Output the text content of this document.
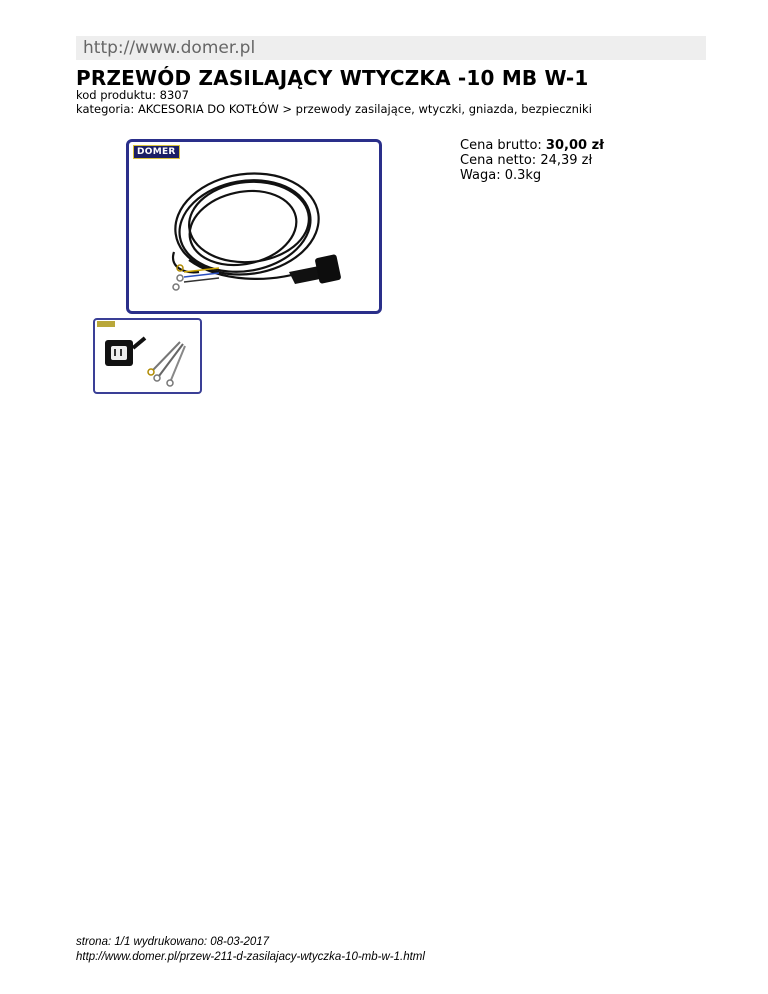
http://www.domer.pl
PRZEWÓD ZASILAJĄCY WTYCZKA -10 MB W-1
kod produktu: 8307
kategoria: AKCESORIA DO KOTŁÓW > przewody zasilające, wtyczki, gniazda, bezpieczniki
DOMER	Cena brutto: 30,00 zł
Cena netto: 24,39 zł
Waga: 0.3kg
strona: 1/1 wydrukowano: 08-03-2017
http://www.domer.pl/przew-211-d-zasilajacy-wtyczka-10-mb-w-1.html
